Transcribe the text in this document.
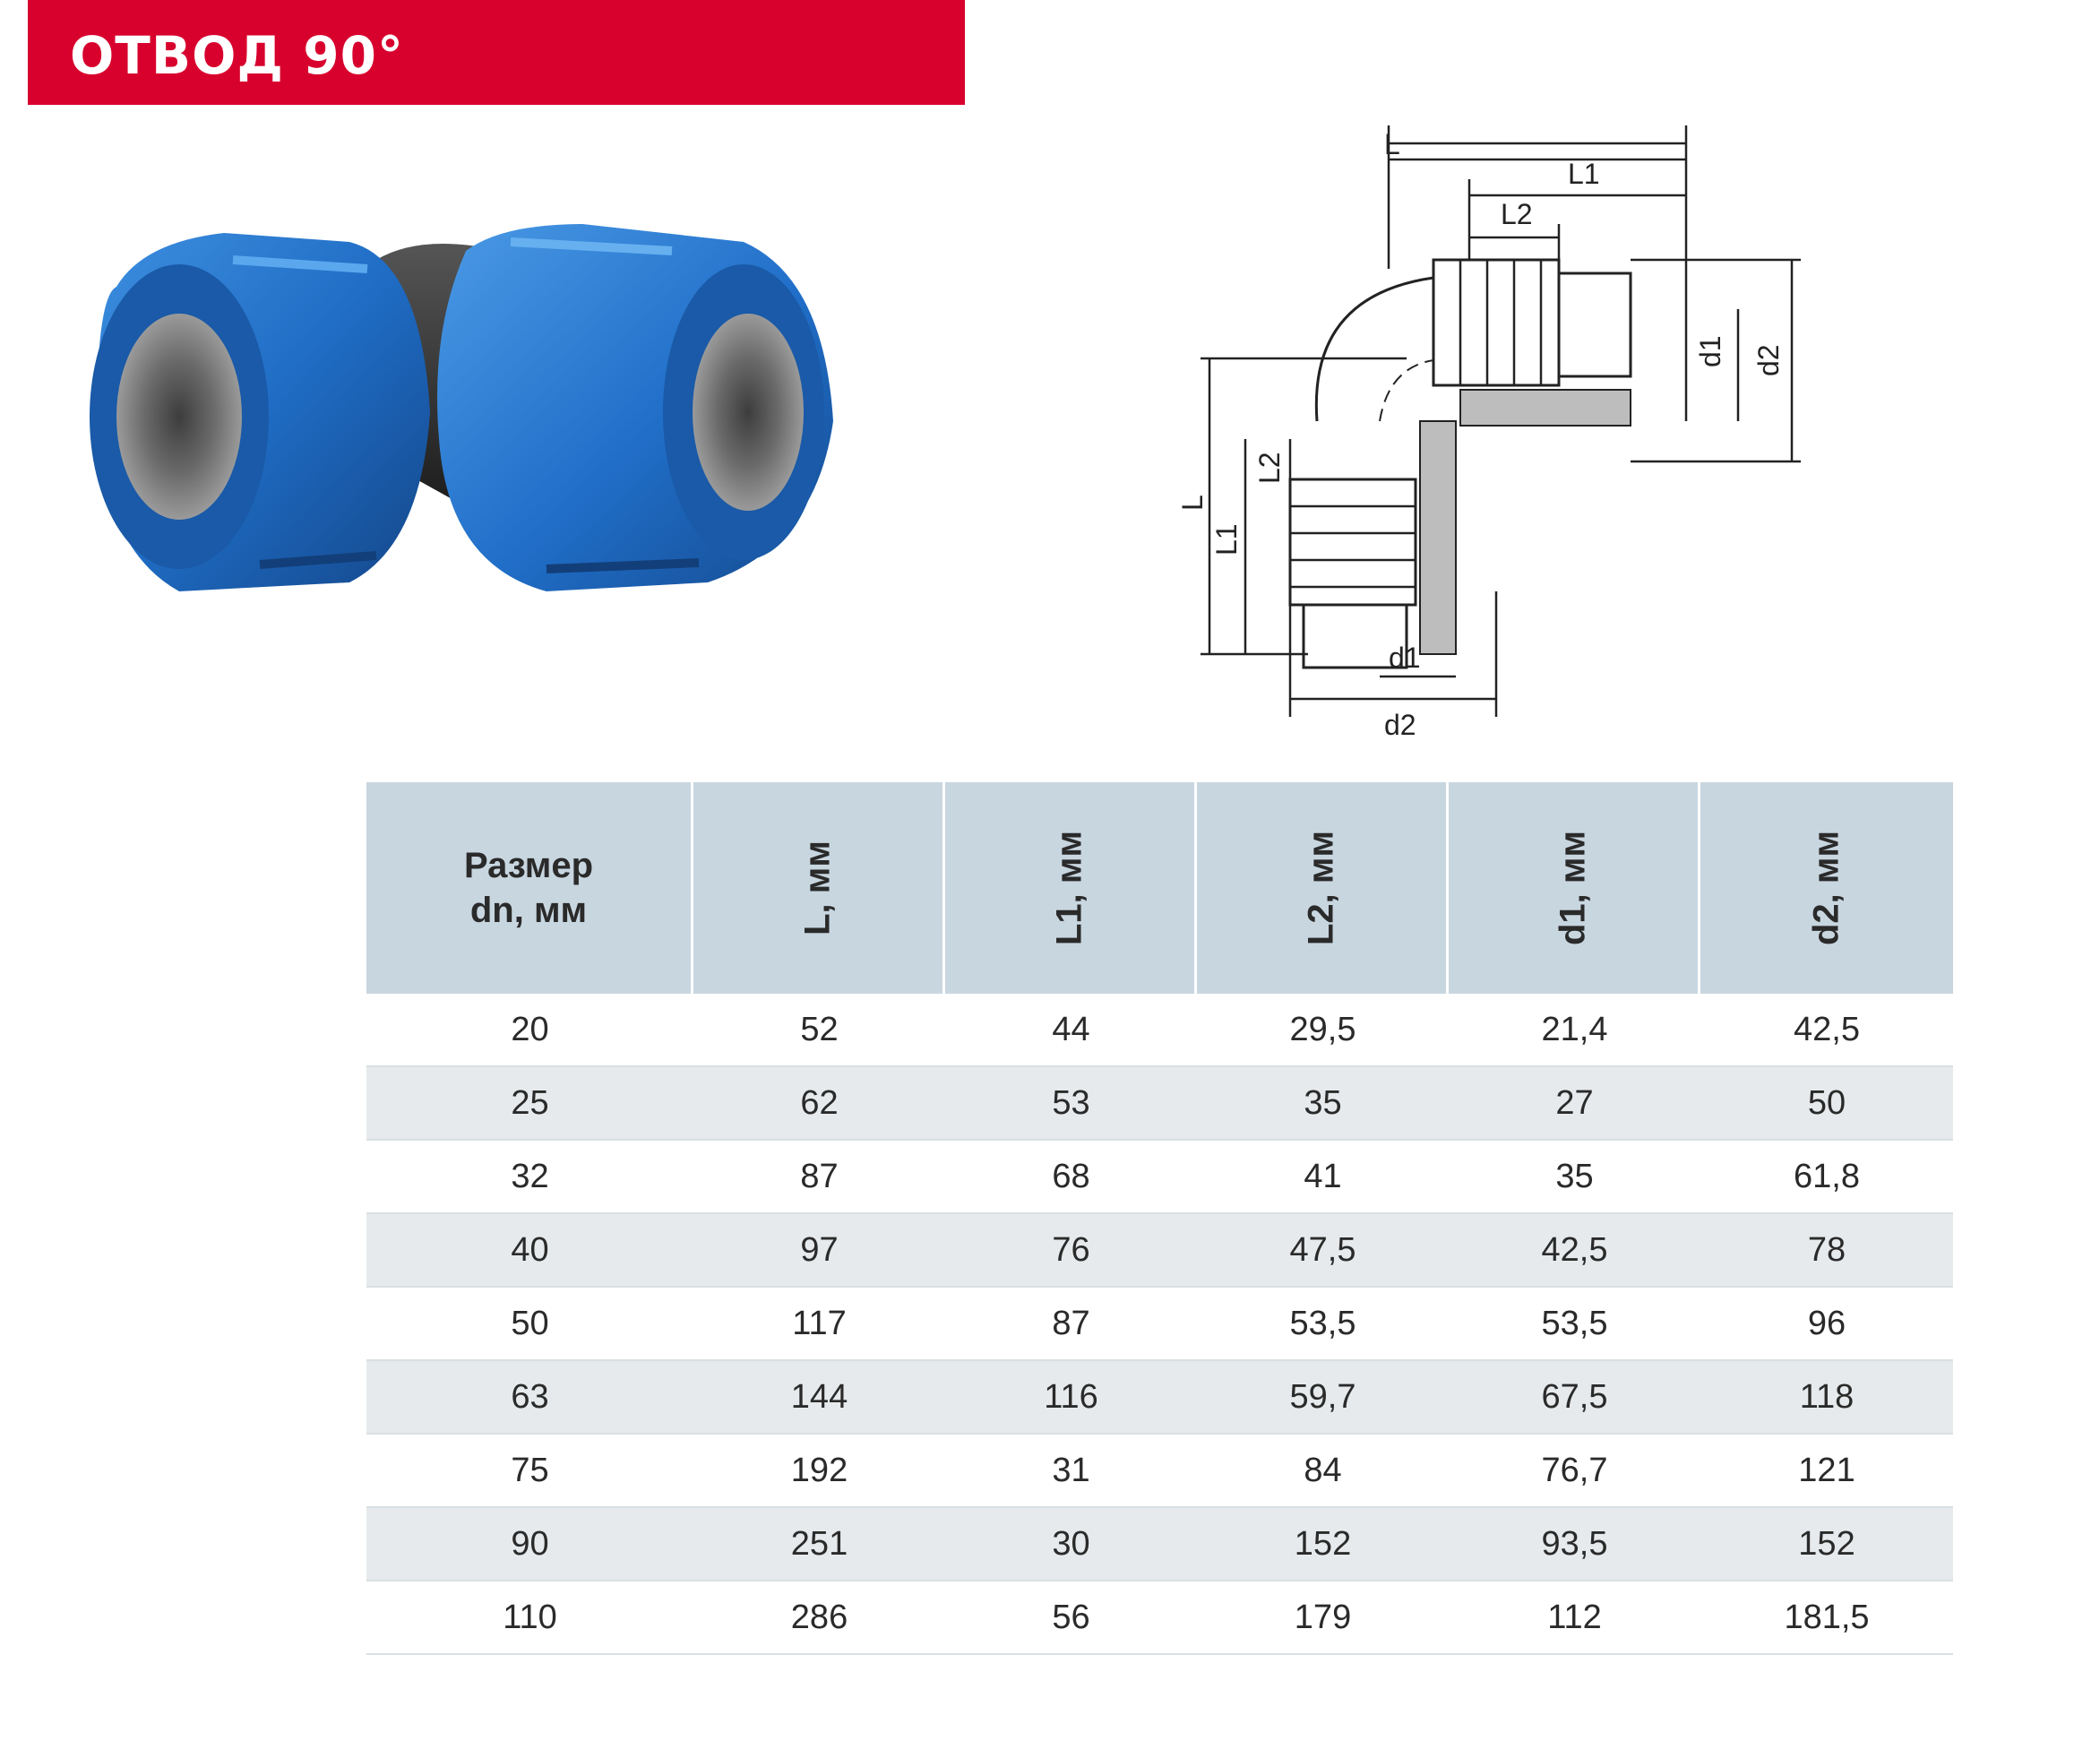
ОТВОД 90°
L
L1
L2
d1 d2
L
L1
L2
d1
d2
Размер dn, мм	L, мм	L1, мм	L2, мм	d1, мм	d2, мм
20	52	44	29,5	21,4	42,5
25	62	53	35	27	50
32	87	68	41	35	61,8
40	97	76	47,5	42,5	78
50	117	87	53,5	53,5	96
63	144	116	59,7	67,5	118
75	192	31	84	76,7	121
90	251	30	152	93,5	152
110	286	56	179	112	181,5
